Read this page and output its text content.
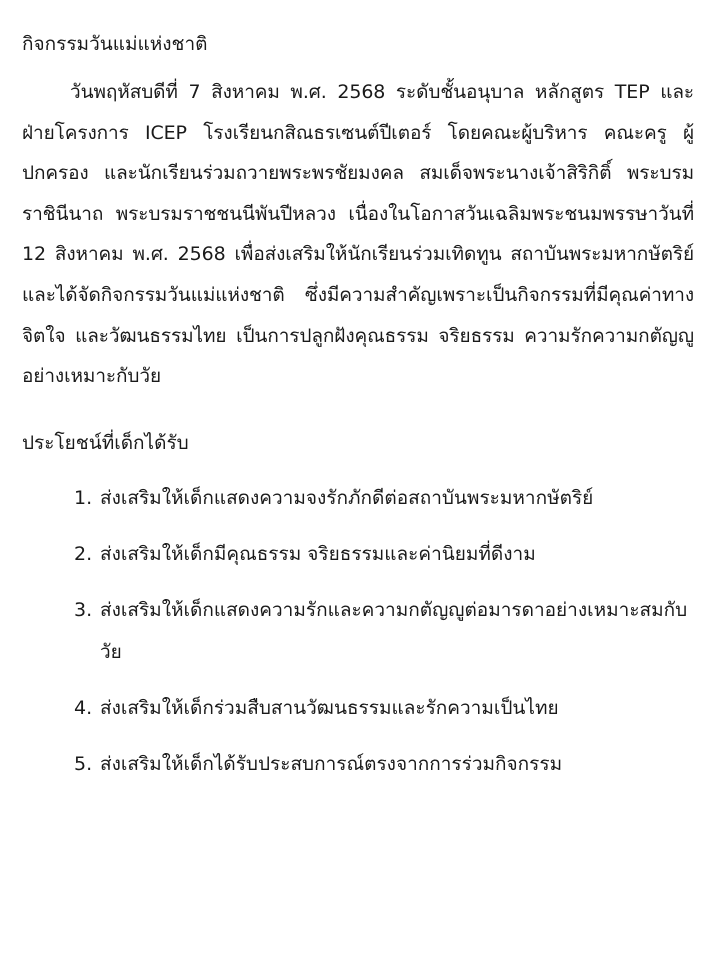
กิจกรรมวันแม่แห่งชาติ

วันพฤหัสบดีที่ 7 สิงหาคม พ.ศ. 2568 ระดับชั้นอนุบาล หลักสูตร TEP และ ฝ่ายโครงการ ICEP โรงเรียนกสิณธรเซนต์ปีเตอร์ โดยคณะผู้บริหาร คณะครู ผู้ปกครอง และนักเรียนร่วมถวายพระพรชัยมงคล สมเด็จพระนางเจ้าสิริกิติ์ พระบรมราชินีนาถ พระบรมราชชนนีพันปีหลวง เนื่องในโอกาสวันเฉลิมพระชนมพรรษาวันที่ 12 สิงหาคม พ.ศ. 2568 เพื่อส่งเสริมให้นักเรียนร่วมเทิดทูน สถาบันพระมหากษัตริย์ และได้จัดกิจกรรมวันแม่แห่งชาติ ซึ่งมีความสำคัญเพราะเป็นกิจกรรมที่มีคุณค่าทางจิตใจ และวัฒนธรรมไทย เป็นการปลูกฝังคุณธรรม จริยธรรม ความรักความกตัญญูอย่างเหมาะกับวัย

ประโยชน์ที่เด็กได้รับ
1. ส่งเสริมให้เด็กแสดงความจงรักภักดีต่อสถาบันพระมหากษัตริย์
2. ส่งเสริมให้เด็กมีคุณธรรม จริยธรรมและค่านิยมที่ดีงาม
3. ส่งเสริมให้เด็กแสดงความรักและความกตัญญูต่อมารดาอย่างเหมาะสมกับวัย
4. ส่งเสริมให้เด็กร่วมสืบสานวัฒนธรรมและรักความเป็นไทย
5. ส่งเสริมให้เด็กได้รับประสบการณ์ตรงจากการร่วมกิจกรรม
